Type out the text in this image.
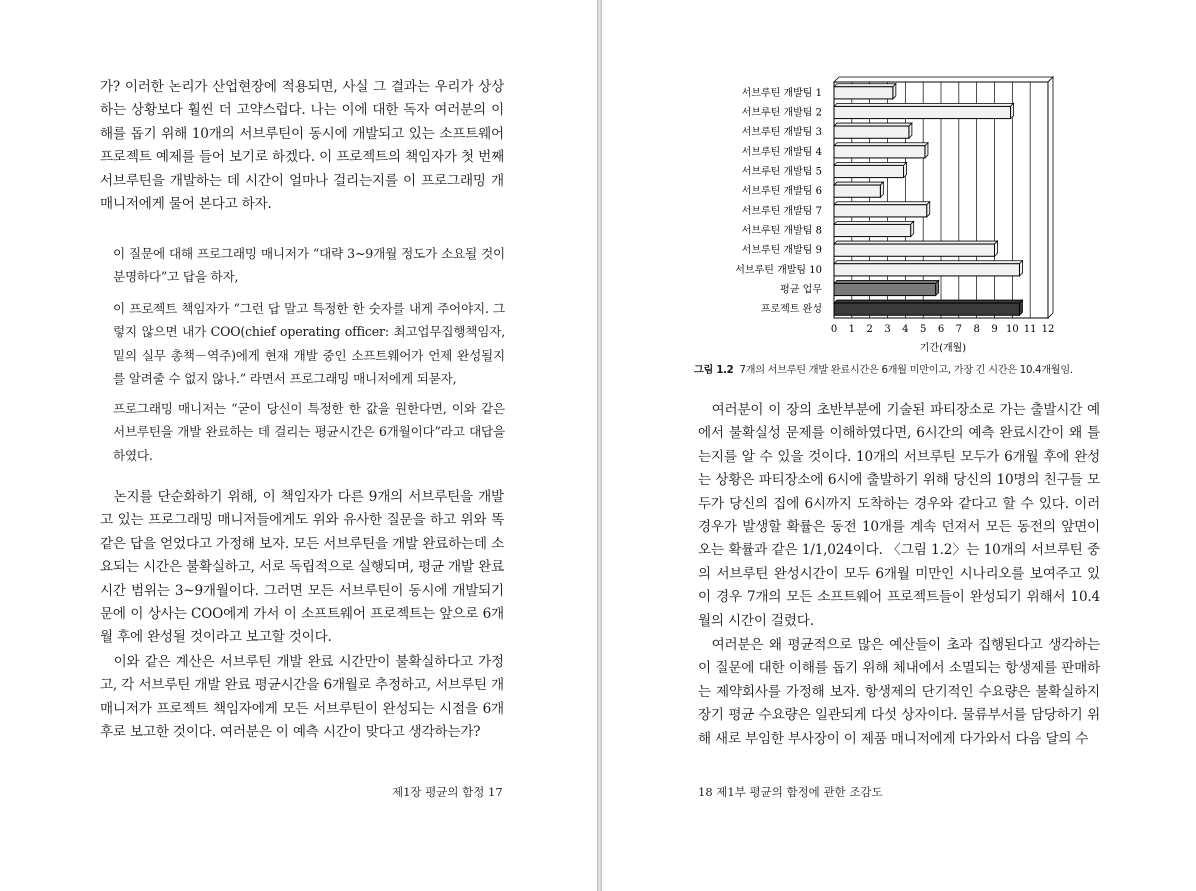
가? 이러한 논리가 산업현장에 적용되면, 사실 그 결과는 우리가 상상
하는 상황보다 훨씬 더 고약스럽다. 나는 이에 대한 독자 여러분의 이
해를 돕기 위해 10개의 서브루틴이 동시에 개발되고 있는 소프트웨어
프로젝트 예제를 들어 보기로 하겠다. 이 프로젝트의 책임자가 첫 번째
서브루틴을 개발하는 데 시간이 얼마나 걸리는지를 이 프로그래밍 개
매니저에게 물어 본다고 하자.
이 질문에 대해 프로그래밍 매니저가 “대략 3~9개월 정도가 소요될 것이
분명하다”고 답을 하자,
이 프로젝트 책임자가 “그런 답 말고 특정한 한 숫자를 내게 주어야지. 그
렇지 않으면 내가 COO(chief operating officer: 최고업무집행책임자,
밑의 실무 총책－역주)에게 현재 개발 중인 소프트웨어가 언제 완성될지
를 알려줄 수 없지 않나.” 라면서 프로그래밍 매니저에게 되묻자,
프로그래밍 매니저는 “굳이 당신이 특정한 한 값을 원한다면, 이와 같은
서브루틴을 개발 완료하는 데 걸리는 평균시간은 6개월이다”라고 대답을
하였다.
논지를 단순화하기 위해, 이 책임자가 다른 9개의 서브루틴을 개발
고 있는 프로그래밍 매니저들에게도 위와 유사한 질문을 하고 위와 똑
같은 답을 얻었다고 가정해 보자. 모든 서브루틴을 개발 완료하는데 소
요되는 시간은 불확실하고, 서로 독립적으로 실행되며, 평균 개발 완료
시간 범위는 3~9개월이다. 그러면 모든 서브루틴이 동시에 개발되기
문에 이 상사는 COO에게 가서 이 소프트웨어 프로젝트는 앞으로 6개
월 후에 완성될 것이라고 보고할 것이다.
이와 같은 계산은 서브루틴 개발 완료 시간만이 불확실하다고 가정
고, 각 서브루틴 개발 완료 평균시간을 6개월로 추정하고, 서브루틴 개
매니저가 프로젝트 책임자에게 모든 서브루틴이 완성되는 시점을 6개
후로 보고한 것이다. 여러분은 이 예측 시간이 맞다고 생각하는가?
제1장 평균의 함정 17
여러분이 이 장의 초반부분에 기술된 파티장소로 가는 출발시간 예
에서 불확실성 문제를 이해하였다면, 6시간의 예측 완료시간이 왜 틀
는지를 알 수 있을 것이다. 10개의 서브루틴 모두가 6개월 후에 완성
는 상황은 파티장소에 6시에 출발하기 위해 당신의 10명의 친구들 모
두가 당신의 집에 6시까지 도착하는 경우와 같다고 할 수 있다. 이러
경우가 발생할 확률은 동전 10개를 계속 던져서 모든 동전의 앞면이
오는 확률과 같은 1/1,024이다. 〈그림 1.2〉는 10개의 서브루틴 중
의 서브루틴 완성시간이 모두 6개월 미만인 시나리오를 보여주고 있
이 경우 7개의 모든 소프트웨어 프로젝트들이 완성되기 위해서 10.4
월의 시간이 걸렸다.
여러분은 왜 평균적으로 많은 예산들이 초과 집행된다고 생각하는
이 질문에 대한 이해를 돕기 위해 체내에서 소멸되는 항생제를 판매하
는 제약회사를 가정해 보자. 항생제의 단기적인 수요량은 불확실하지
장기 평균 수요량은 일관되게 다섯 상자이다. 물류부서를 담당하기 위
해 새로 부임한 부사장이 이 제품 매니저에게 다가와서 다음 달의 수
18 제1부 평균의 함정에 관한 조감도
0 1 2 3 4 5 6 7 8 9 10 11 12
서브루틴 개발팀 1
서브루틴 개발팀 2
서브루틴 개발팀 3
서브루틴 개발팀 4
서브루틴 개발팀 5
서브루틴 개발팀 6
서브루틴 개발팀 7
서브루틴 개발팀 8
서브루틴 개발팀 9
서브루틴 개발팀 10
평균 업무
프로젝트 완성
기간(개월)
그림 1.2 7개의 서브루틴 개발 완료시간은 6개월 미만이고, 가장 긴 시간은 10.4개월임.
